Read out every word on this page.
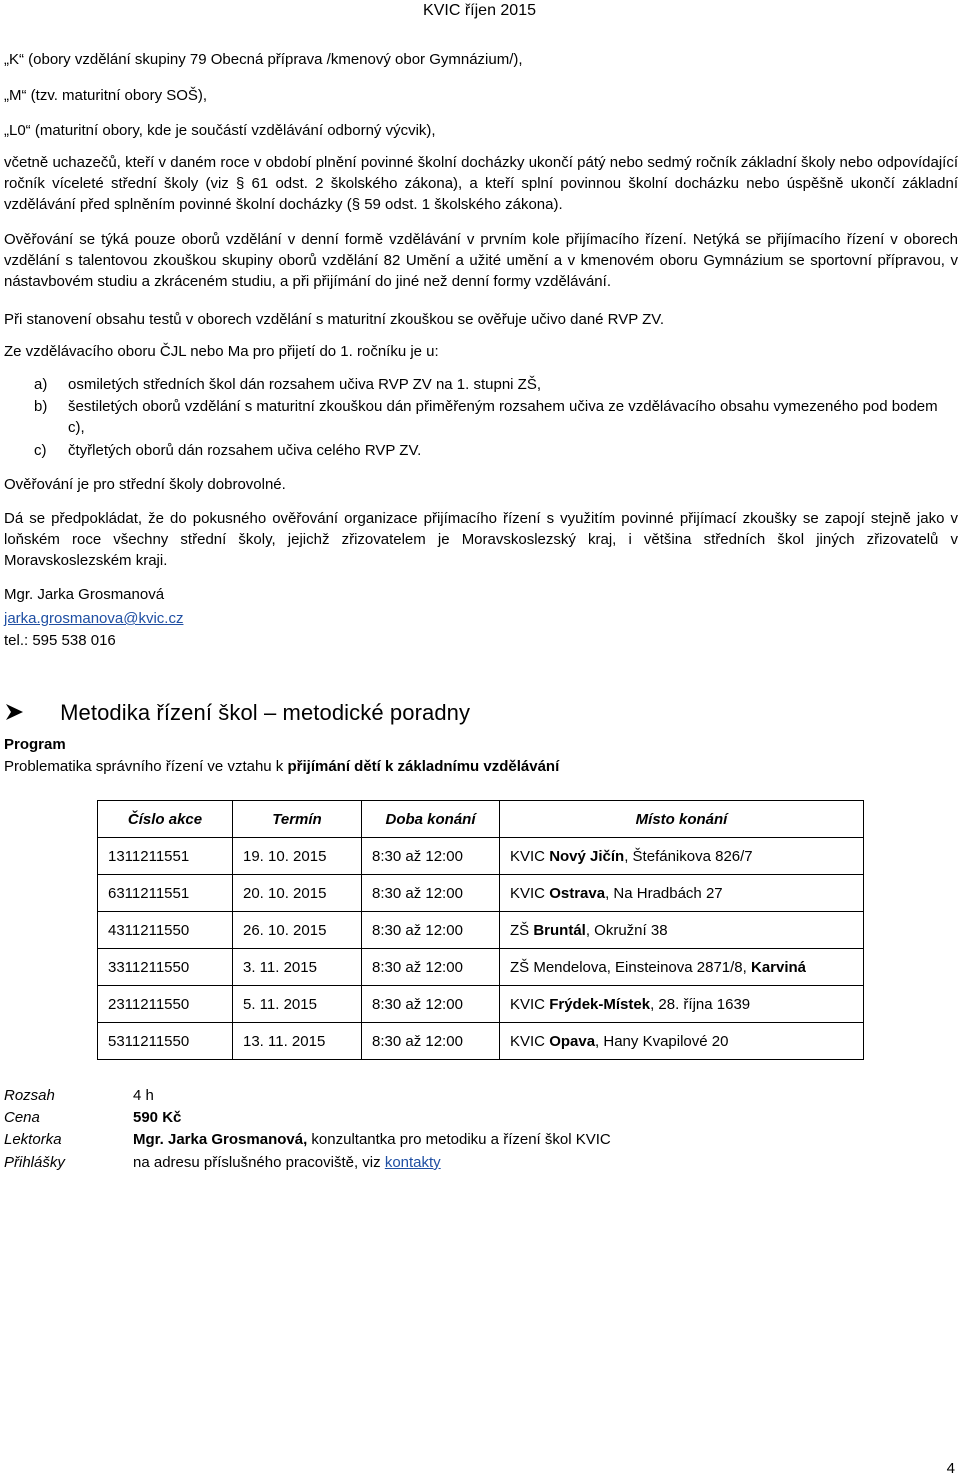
KVIC říjen 2015
„K“ (obory vzdělání skupiny 79 Obecná příprava /kmenový obor Gymnázium/),
„M“ (tzv. maturitní obory SOŠ),
„L0“ (maturitní obory, kde je součástí vzdělávání odborný výcvik),
včetně uchazečů, kteří v daném roce v období plnění povinné školní docházky ukončí pátý nebo sedmý ročník základní školy nebo odpovídající ročník víceleté střední školy (viz § 61 odst. 2 školského zákona), a kteří splní povinnou školní docházku nebo úspěšně ukončí základní vzdělávání před splněním povinné školní docházky (§ 59 odst. 1 školského zákona).
Ověřování se týká pouze oborů vzdělání v denní formě vzdělávání v prvním kole přijímacího řízení. Netýká se přijímacího řízení v oborech vzdělání s talentovou zkouškou skupiny oborů vzdělání 82 Umění a užité umění a v kmenovém oboru Gymnázium se sportovní přípravou, v nástavbovém studiu a zkráceném studiu, a při přijímání do jiné než denní formy vzdělávání.
Při stanovení obsahu testů v oborech vzdělání s maturitní zkouškou se ověřuje učivo dané RVP ZV.
Ze vzdělávacího oboru ČJL nebo Ma pro přijetí do 1. ročníku je u:
a)	osmiletých středních škol dán rozsahem učiva RVP ZV na 1. stupni ZŠ,
b)	šestiletých oborů vzdělání s maturitní zkouškou dán přiměřeným rozsahem učiva ze vzdělávacího obsahu vymezeného pod bodem c),
c)	čtyřletých oborů dán rozsahem učiva celého RVP ZV.
Ověřování je pro střední školy dobrovolné.
Dá se předpokládat, že do pokusného ověřování organizace přijímacího řízení s využitím povinné přijímací zkoušky se zapojí stejně jako v loňském roce všechny střední školy, jejichž zřizovatelem je Moravskoslezský kraj, i většina středních škol jiných zřizovatelů v Moravskoslezském kraji.
Mgr. Jarka Grosmanová
jarka.grosmanova@kvic.cz
tel.: 595 538 016
Metodika řízení škol – metodické poradny
Program
Problematika správního řízení ve vztahu k přijímání dětí k základnímu vzdělávání
Číslo akce	Termín	Doba konání	Místo konání
1311211551	19. 10. 2015	8:30 až 12:00	KVIC Nový Jičín, Štefánikova 826/7
6311211551	20. 10. 2015	8:30 až 12:00	KVIC Ostrava, Na Hradbách 27
4311211550	26. 10. 2015	8:30 až 12:00	ZŠ Bruntál, Okružní 38
3311211550	3. 11. 2015	8:30 až 12:00	ZŠ Mendelova, Einsteinova 2871/8, Karviná
2311211550	5. 11. 2015	8:30 až 12:00	KVIC Frýdek-Místek, 28. října 1639
5311211550	13. 11. 2015	8:30 až 12:00	KVIC Opava, Hany Kvapilové 20
Rozsah	4 h
Cena	590 Kč
Lektorka	Mgr. Jarka Grosmanová, konzultantka pro metodiku a řízení škol KVIC
Přihlášky	na adresu příslušného pracoviště, viz kontakty
4
